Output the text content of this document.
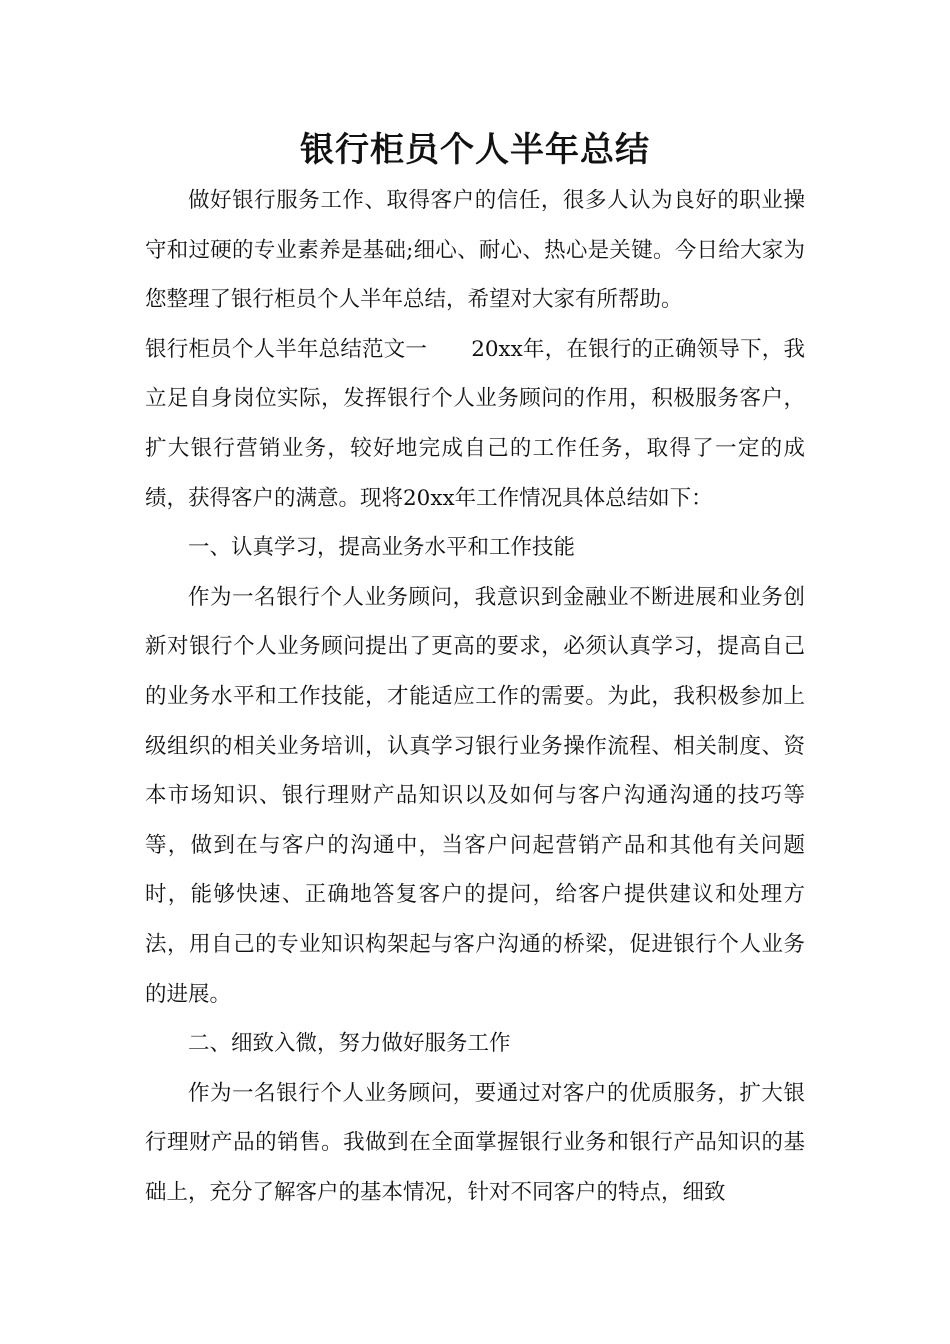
银行柜员个人半年总结

做好银行服务工作、取得客户的信任，很多人认为良好的职业操守和过硬的专业素养是基础;细心、耐心、热心是关键。今日给大家为您整理了银行柜员个人半年总结，希望对大家有所帮助。

银行柜员个人半年总结范文一 20xx年，在银行的正确领导下，我立足自身岗位实际，发挥银行个人业务顾问的作用，积极服务客户，扩大银行营销业务，较好地完成自己的工作任务，取得了一定的成绩，获得客户的满意。现将20xx年工作情况具体总结如下：

一、认真学习，提高业务水平和工作技能

作为一名银行个人业务顾问，我意识到金融业不断进展和业务创新对银行个人业务顾问提出了更高的要求，必须认真学习，提高自己的业务水平和工作技能，才能适应工作的需要。为此，我积极参加上级组织的相关业务培训，认真学习银行业务操作流程、相关制度、资本市场知识、银行理财产品知识以及如何与客户沟通沟通的技巧等等，做到在与客户的沟通中，当客户问起营销产品和其他有关问题时，能够快速、正确地答复客户的提问，给客户提供建议和处理方法，用自己的专业知识构架起与客户沟通的桥梁，促进银行个人业务的进展。

二、细致入微，努力做好服务工作

作为一名银行个人业务顾问，要通过对客户的优质服务，扩大银行理财产品的销售。我做到在全面掌握银行业务和银行产品知识的基础上，充分了解客户的基本情况，针对不同客户的特点，细致
